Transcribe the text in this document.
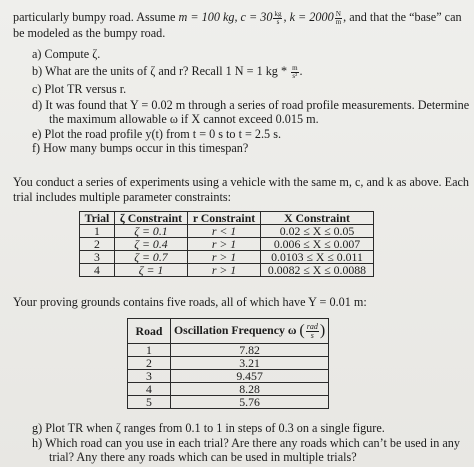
particularly bumpy road. Assume m = 100 kg, $c = 30 \frac{kg}{s}$ , $k = 2000 \frac{N}{m}$ , and that the “base” can
be modeled as the bumpy road.
a) Compute ζ.
b) What are the units of ζ and r? Recall 1 N = 1 kg * $\frac{m}{\text{s²}}$ .
c) Plot TR versus r.
d) It was found that Y = 0.02 m through a series of road profile measurements. Determine
the maximum allowable ω if X cannot exceed 0.015 m.
e) Plot the road profile y(t) from t = 0 s to t = 2.5 s.
f) How many bumps occur in this timespan?
You conduct a series of experiments using a vehicle with the same m, c, and k as above. Each
trial includes multiple parameter constraints:
Trial	ζ Constraint	r Constraint	X Constraint
1	ζ = 0.1	r < 1	0.02 ≤ X ≤ 0.05
2	ζ = 0.4	r > 1	0.006 ≤ X ≤ 0.007
3	ζ = 0.7	r > 1	0.0103 ≤ X ≤ 0.011
4	ζ = 1	r > 1	0.0082 ≤ X ≤ 0.0088
Your proving grounds contains five roads, all of which have Y = 0.01 m:
Road	Oscillation Frequency ω ( $\frac{\text{rad}}{s}$ )
1	7.82
2	3.21
3	9.457
4	8.28
5	5.76
g) Plot TR when ζ ranges from 0.1 to 1 in steps of 0.3 on a single figure.
h) Which road can you use in each trial? Are there any roads which can’t be used in any
trial? Any there any roads which can be used in multiple trials?
